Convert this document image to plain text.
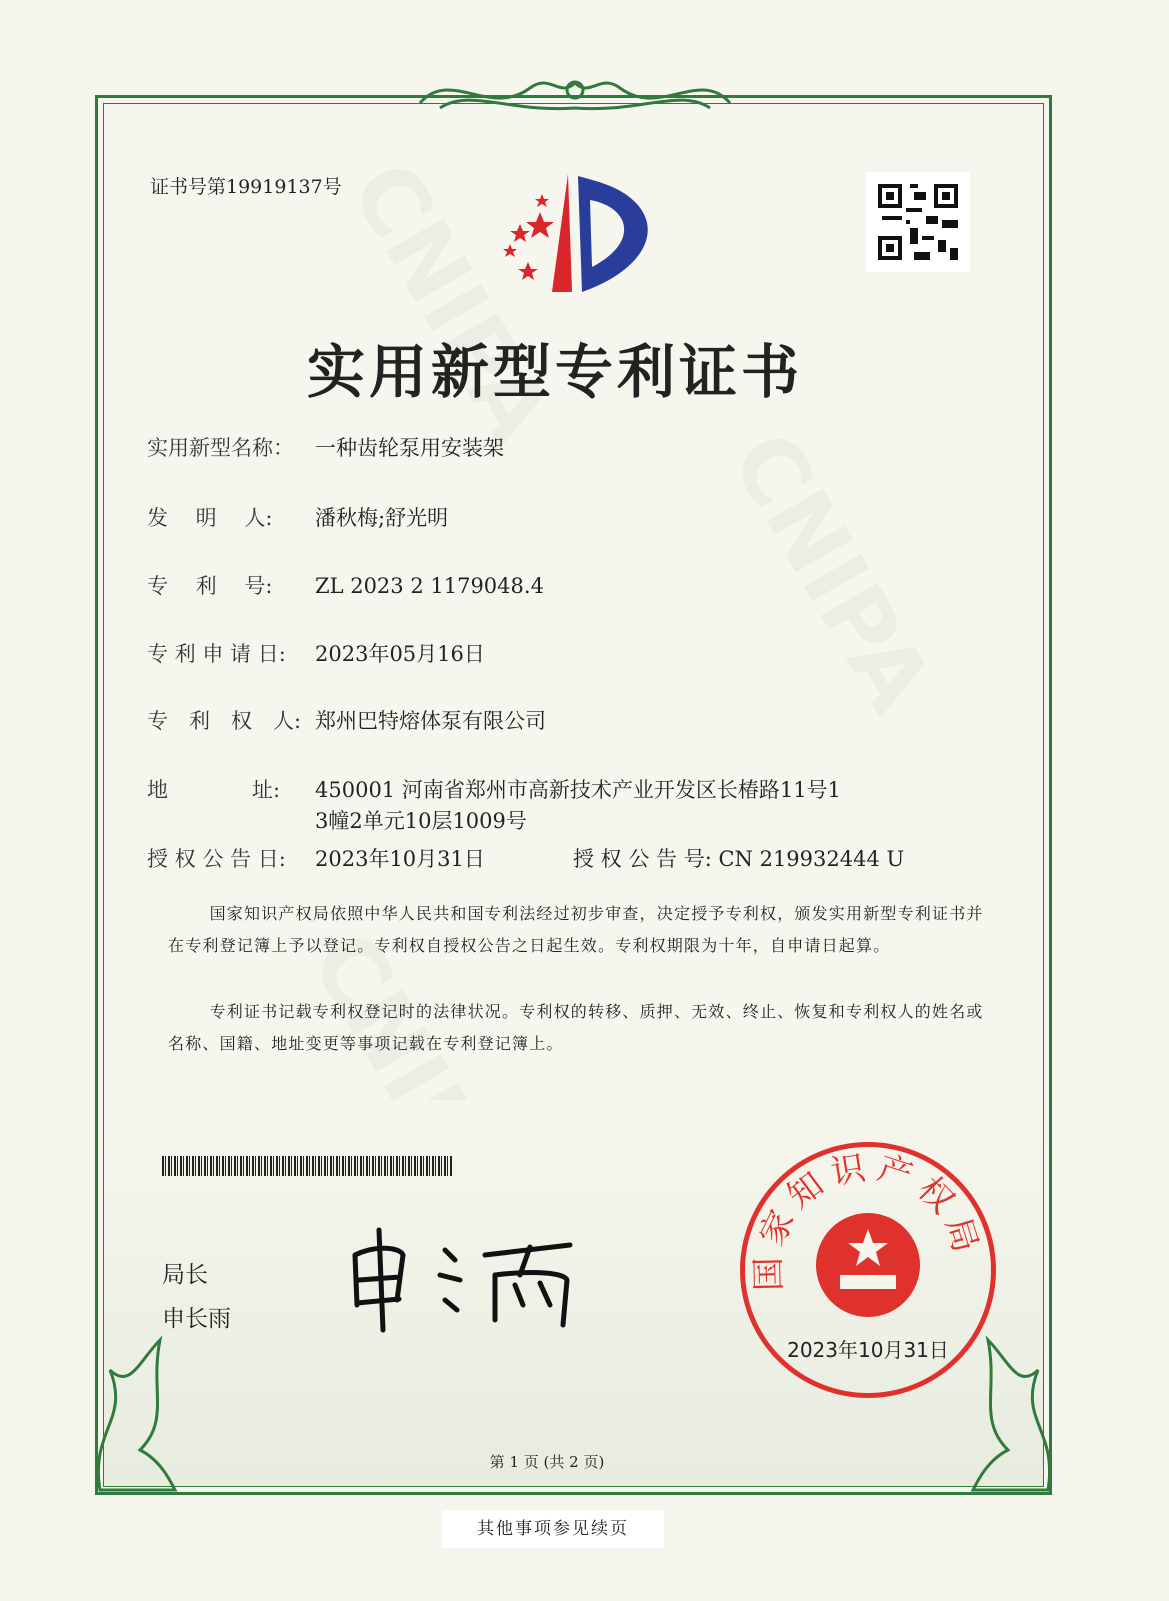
证书号第19919137号
实用新型专利证书
实用新型名称： 一种齿轮泵用安装架
发　 明　 人: 潘秋梅;舒光明
专　 利　 号: ZL 2023 2 1179048.4
专 利 申 请 日: 2023年05月16日
专　利　权　人: 郑州巴特熔体泵有限公司
地　　　　址: 450001 河南省郑州市高新技术产业开发区长椿路11号1
3幢2单元10层1009号
授 权 公 告 日: 2023年10月31日	授 权 公 告 号: CN 219932444 U
国家知识产权局依照中华人民共和国专利法经过初步审查，决定授予专利权，颁发实用新型专利证书并在专利登记簿上予以登记。专利权自授权公告之日起生效。专利权期限为十年，自申请日起算。
专利证书记载专利权登记时的法律状况。专利权的转移、质押、无效、终止、恢复和专利权人的姓名或名称、国籍、地址变更等事项记载在专利登记簿上。
局长
申长雨
国家知识产权局
2023年10月31日
第 1 页 (共 2 页)
其他事项参见续页
